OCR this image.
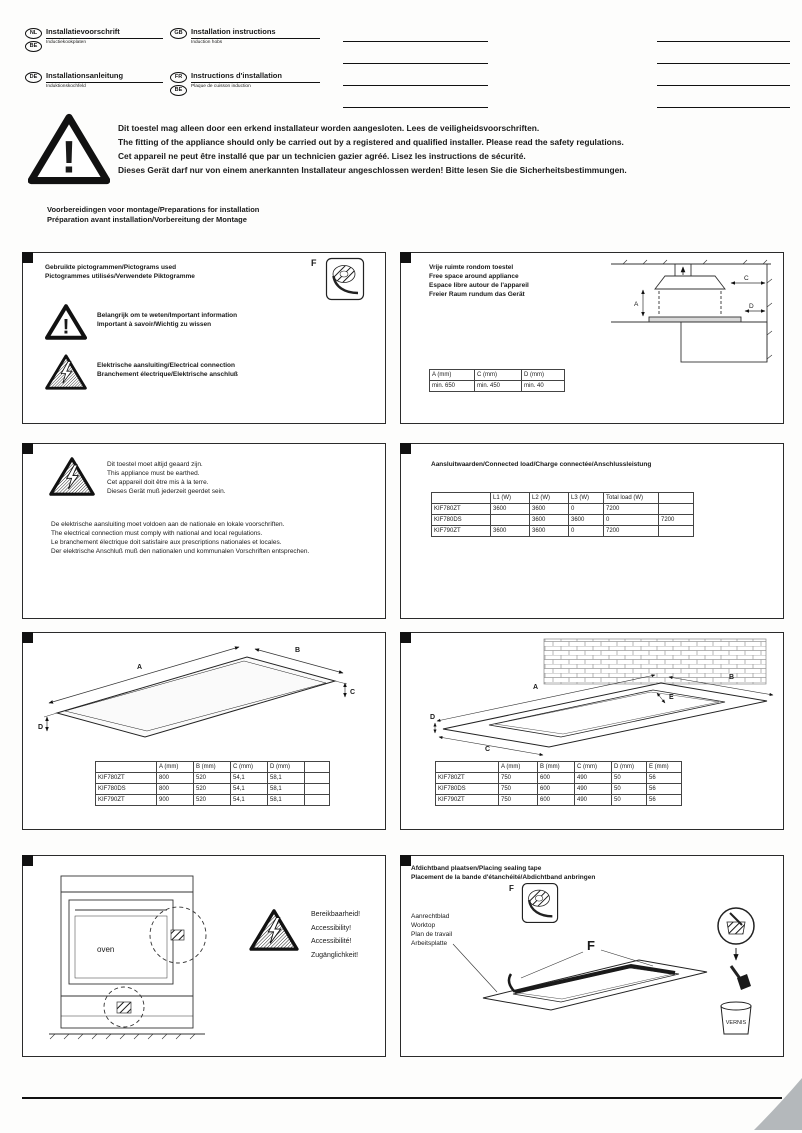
NL
BE
Installatievoorschrift
Inductiekookplaten
GB	Installation instructions
Induction hobs
DE	Installationsanleitung
Induktionskochfeld
FR
BE
Instructions d'installation
Plaque de cuisson induction
!
Dit toestel mag alleen door een erkend installateur worden aangesloten. Lees de veiligheidsvoorschriften.
The fitting of the appliance should only be carried out by a registered and qualified installer. Please read the safety regulations.
Cet appareil ne peut être installé que par un technicien gazier agréé. Lisez les instructions de sécurité.
Dieses Gerät darf nur von einem anerkannten Installateur angeschlossen werden! Bitte lesen Sie die Sicherheitsbestimmungen.
Voorbereidingen voor montage/Preparations for installation
Préparation avant installation/Vorbereitung der Montage
Gebruikte pictogrammen/Pictograms used
Pictogrammes utilisés/Verwendete Piktogramme
F
!	Belangrijk om te weten/Important information
Important à savoir/Wichtig zu wissen
Elektrische aansluiting/Electrical connection
Branchement électrique/Elektrische anschluß
Vrije ruimte rondom toestel
Free space around appliance
Espace libre autour de l'appareil
Freier Raum rundum das Gerät
A
C
D
A (mm)	C (mm)	D (mm)
min. 650	min. 450	min. 40
Dit toestel moet altijd geaard zijn.
This appliance must be earthed.
Cet appareil doit être mis à la terre.
Dieses Gerät muß jederzeit geerdet sein.
De elektrische aansluiting moet voldoen aan de nationale en lokale voorschriften.
The electrical connection must comply with national and local regulations.
Le branchement électrique doit satisfaire aux prescriptions nationales et locales.
Der elektrische Anschluß muß den nationalen und kommunalen Vorschriften entsprechen.
Aansluitwaarden/Connected load/Charge connectée/Anschlussleistung
	L1 (W)	L2 (W)	L3 (W)	Total load (W)	
KIF780ZT	3600	3600	0	7200	
KIF780DS		3600	3600	0	7200
KIF790ZT	3600	3600	0	7200	
A
B
C
D
	A (mm)	B (mm)	C (mm)	D (mm)	
KIF780ZT	800	520	54,1	58,1	
KIF780DS	800	520	54,1	58,1	
KIF790ZT	900	520	54,1	58,1	
A
B
C
D
E
	A (mm)	B (mm)	C (mm)	D (mm)	E (mm)
KIF780ZT	750	600	490	50	56
KIF780DS	750	600	490	50	56
KIF790ZT	750	600	490	50	56
oven
Bereikbaarheid!
Accessibility!
Accessibilité!
Zugänglichkeit!
Afdichtband plaatsen/Placing sealing tape
Placement de la bande d'étanchéité/Abdichtband anbringen
F
Aanrechtblad
Worktop
Plan de travail
Arbeitsplatte	F
VERNIS
